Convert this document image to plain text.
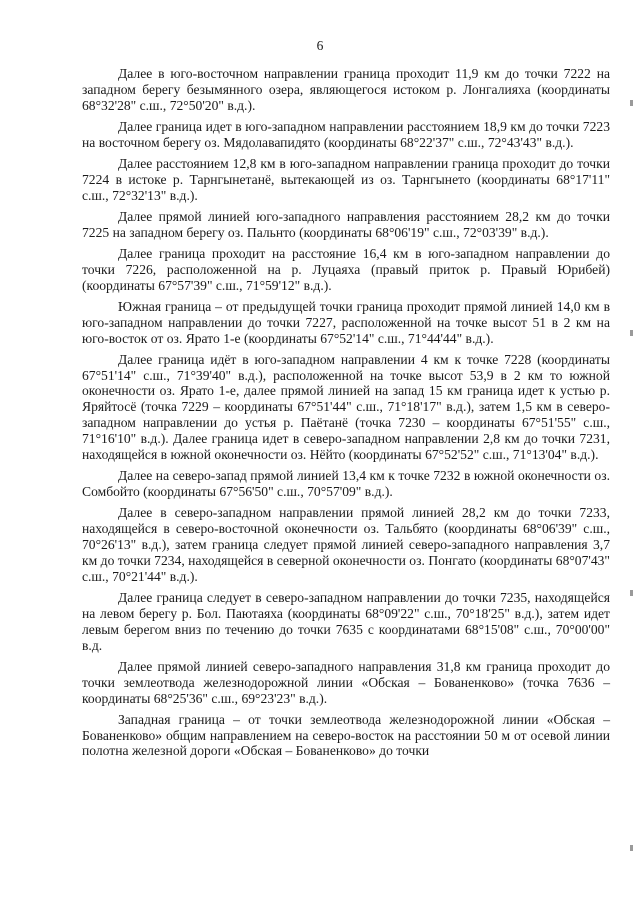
6

Далее в юго-восточном направлении граница проходит 11,9 км до точки 7222 на западном берегу безымянного озера, являющегося истоком р. Лонгалияха (координаты 68°32'28" с.ш., 72°50'20" в.д.).

Далее граница идет в юго-западном направлении расстоянием 18,9 км до точки 7223 на восточном берегу оз. Мядолавапидято (координаты 68°22'37" с.ш., 72°43'43" в.д.).

Далее расстоянием 12,8 км в юго-западном направлении граница проходит до точки 7224 в истоке р. Тарнгынетанё, вытекающей из оз. Тарнгынето (координаты 68°17'11" с.ш., 72°32'13" в.д.).

Далее прямой линией юго-западного направления расстоянием 28,2 км до точки 7225 на западном берегу оз. Пальнто (координаты 68°06'19" с.ш., 72°03'39" в.д.).

Далее граница проходит на расстояние 16,4 км в юго-западном направлении до точки 7226, расположенной на р. Луцаяха (правый приток р. Правый Юрибей) (координаты 67°57'39" с.ш., 71°59'12" в.д.).

Южная граница – от предыдущей точки граница проходит прямой линией 14,0 км в юго-западном направлении до точки 7227, расположенной на точке высот 51 в 2 км на юго-восток от оз. Ярато 1-е (координаты 67°52'14" с.ш., 71°44'44" в.д.).

Далее граница идёт в юго-западном направлении 4 км к точке 7228 (координаты 67°51'14" с.ш., 71°39'40" в.д.), расположенной на точке высот 53,9 в 2 км то южной оконечности оз. Ярато 1-е, далее прямой линией на запад 15 км граница идет к устью р. Яряйтосё (точка 7229 – координаты 67°51'44" с.ш., 71°18'17" в.д.), затем 1,5 км в северо-западном направлении до устья р. Паётанё (точка 7230 – координаты 67°51'55" с.ш., 71°16'10" в.д.). Далее граница идет в северо-западном направлении 2,8 км до точки 7231, находящейся в южной оконечности оз. Нёйто (координаты 67°52'52" с.ш., 71°13'04" в.д.).

Далее на северо-запад прямой линией 13,4 км к точке 7232 в южной оконечности оз. Сомбойто (координаты 67°56'50" с.ш., 70°57'09" в.д.).

Далее в северо-западном направлении прямой линией 28,2 км до точки 7233, находящейся в северо-восточной оконечности оз. Тальбято (координаты 68°06'39" с.ш., 70°26'13" в.д.), затем граница следует прямой линией северо-западного направления 3,7 км до точки 7234, находящейся в северной оконечности оз. Понгато (координаты 68°07'43" с.ш., 70°21'44" в.д.).

Далее граница следует в северо-западном направлении до точки 7235, находящейся на левом берегу р. Бол. Паютаяха (координаты 68°09'22" с.ш., 70°18'25" в.д.), затем идет левым берегом вниз по течению до точки 7635 с координатами 68°15'08" с.ш., 70°00'00" в.д.

Далее прямой линией северо-западного направления 31,8 км граница проходит до точки землеотвода железнодорожной линии «Обская – Бованенково» (точка 7636 – координаты 68°25'36" с.ш., 69°23'23" в.д.).

Западная граница – от точки землеотвода железнодорожной линии «Обская – Бованенково» общим направлением на северо-восток на расстоянии 50 м от осевой линии полотна железной дороги «Обская – Бованенково» до точки
